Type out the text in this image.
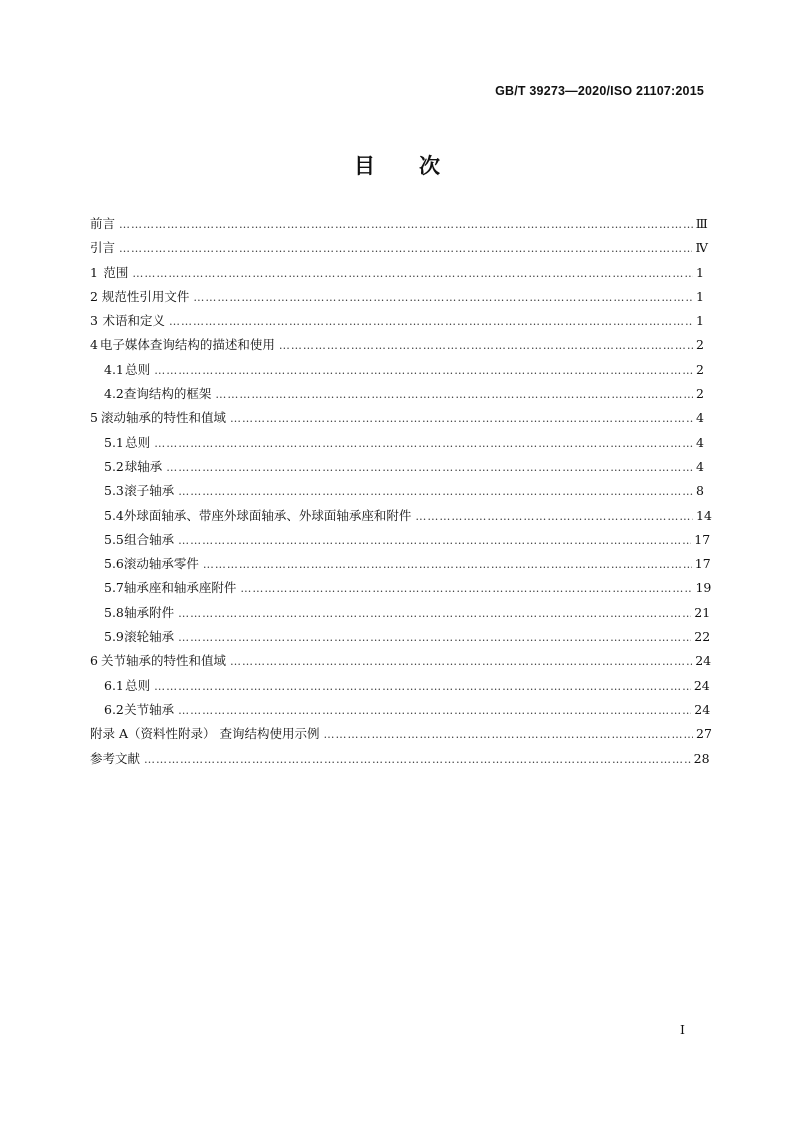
GB/T 39273—2020/ISO 21107:2015
目 次
前言 …………………………………………………………………………………………………………………………………………………………………………………………	Ⅲ
引言 …………………………………………………………………………………………………………………………………………………………………………………………	Ⅳ
1 范围 …………………………………………………………………………………………………………………………………………………………………………………………	1
2 规范性引用文件 …………………………………………………………………………………………………………………………………………………………………………………………	1
3 术语和定义 …………………………………………………………………………………………………………………………………………………………………………………………	1
4 电子媒体查询结构的描述和使用 …………………………………………………………………………………………………………………………………………………………………………………………	2
4.1 总则 …………………………………………………………………………………………………………………………………………………………………………………………	2
4.2 查询结构的框架 …………………………………………………………………………………………………………………………………………………………………………………………	2
5 滚动轴承的特性和值域 …………………………………………………………………………………………………………………………………………………………………………………………	4
5.1 总则 …………………………………………………………………………………………………………………………………………………………………………………………	4
5.2 球轴承 …………………………………………………………………………………………………………………………………………………………………………………………	4
5.3 滚子轴承 …………………………………………………………………………………………………………………………………………………………………………………………	8
5.4 外球面轴承、带座外球面轴承、外球面轴承座和附件 …………………………………………………………………………………………………………………………………………………………………………………………	14
5.5 组合轴承 …………………………………………………………………………………………………………………………………………………………………………………………	17
5.6 滚动轴承零件 …………………………………………………………………………………………………………………………………………………………………………………………	17
5.7 轴承座和轴承座附件 …………………………………………………………………………………………………………………………………………………………………………………………	19
5.8 轴承附件 …………………………………………………………………………………………………………………………………………………………………………………………	21
5.9 滚轮轴承 …………………………………………………………………………………………………………………………………………………………………………………………	22
6 关节轴承的特性和值域 …………………………………………………………………………………………………………………………………………………………………………………………	24
6.1 总则 …………………………………………………………………………………………………………………………………………………………………………………………	24
6.2 关节轴承 …………………………………………………………………………………………………………………………………………………………………………………………	24
附录 A（资料性附录） 查询结构使用示例 …………………………………………………………………………………………………………………………………………………………………………………………	27
参考文献 …………………………………………………………………………………………………………………………………………………………………………………………	28
I
